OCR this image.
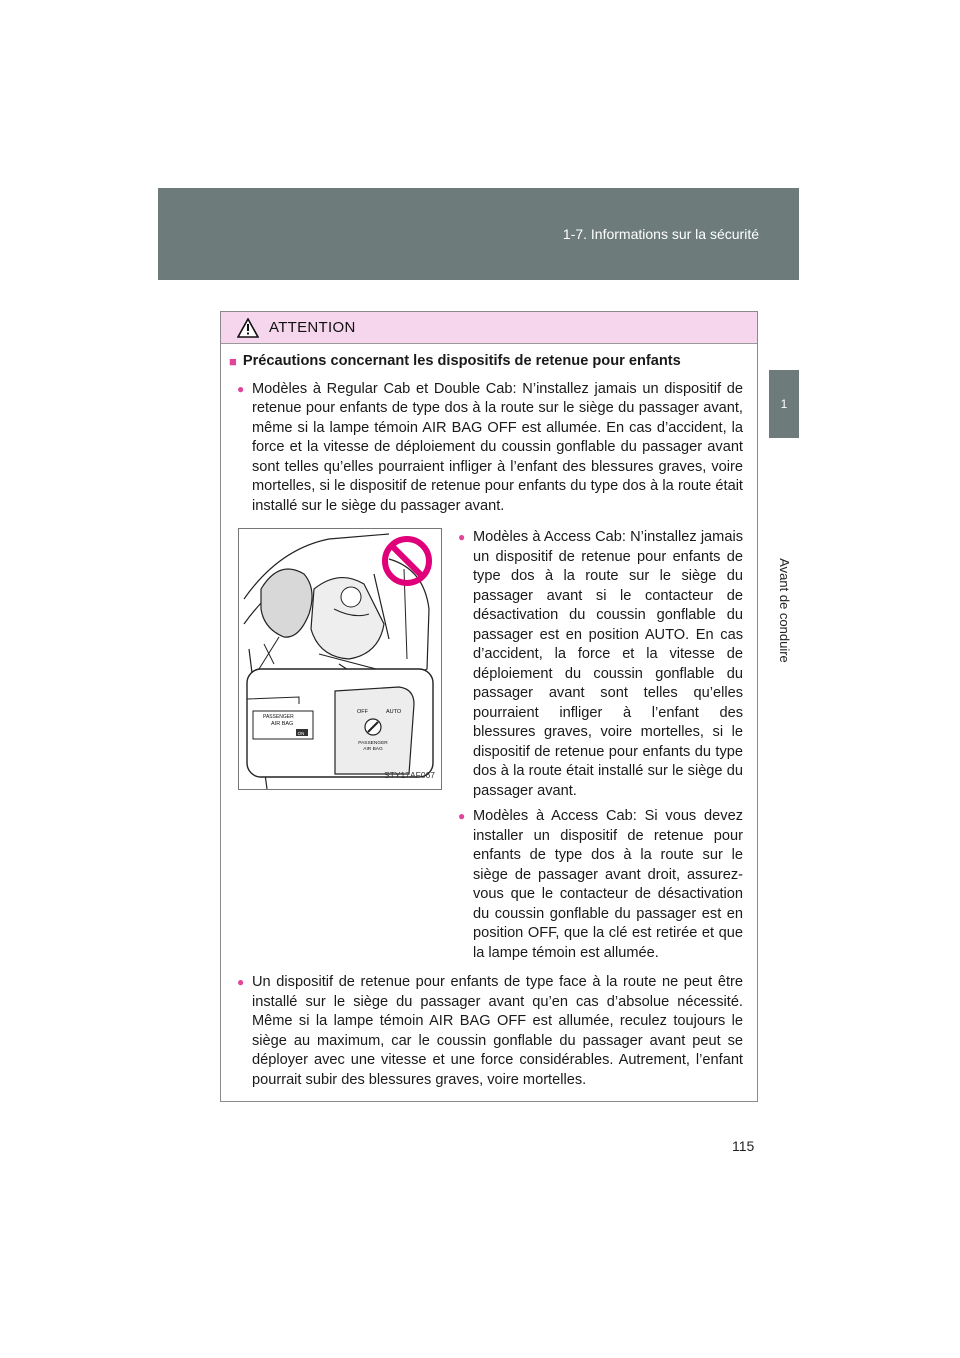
1-7. Informations sur la sécurité
1
Avant de conduire
ATTENTION
■ Précautions concernant les dispositifs de retenue pour enfants
● Modèles à Regular Cab et Double Cab: N’installez jamais un dispositif de retenue pour enfants de type dos à la route sur le siège du passager avant, même si la lampe témoin AIR BAG OFF est allumée. En cas d’accident, la force et la vitesse de déploiement du coussin gonflable du passager avant sont telles qu’elles pourraient infliger à l’enfant des blessures graves, voire mortelles, si le dispositif de retenue pour enfants du type dos à la route était installé sur le siège du passager avant.
ON
PASSENGER
AIR BAG
OFF	AUTO
PASSENGER
AIR BAG
STY17AF067
● Modèles à Access Cab: N’installez jamais un dispositif de retenue pour enfants de type dos à la route sur le siège du passager avant si le contacteur de désactivation du coussin gonflable du passager est en position AUTO. En cas d’accident, la force et la vitesse de déploiement du coussin gonflable du passager avant sont telles qu’elles pourraient infliger à l’enfant des blessures graves, voire mortelles, si le dispositif de retenue pour enfants du type dos à la route était installé sur le siège du passager avant.
● Modèles à Access Cab: Si vous devez installer un dispositif de retenue pour enfants de type dos à la route sur le siège de passager avant droit, assurez-vous que le contacteur de désactivation du coussin gonflable du passager est en position OFF, que la clé est retirée et que la lampe témoin est allumée.
● Un dispositif de retenue pour enfants de type face à la route ne peut être installé sur le siège du passager avant qu’en cas d’absolue nécessité. Même si la lampe témoin AIR BAG OFF est allumée, reculez toujours le siège au maximum, car le coussin gonflable du passager avant peut se déployer avec une vitesse et une force considérables. Autrement, l’enfant pourrait subir des blessures graves, voire mortelles.
115
